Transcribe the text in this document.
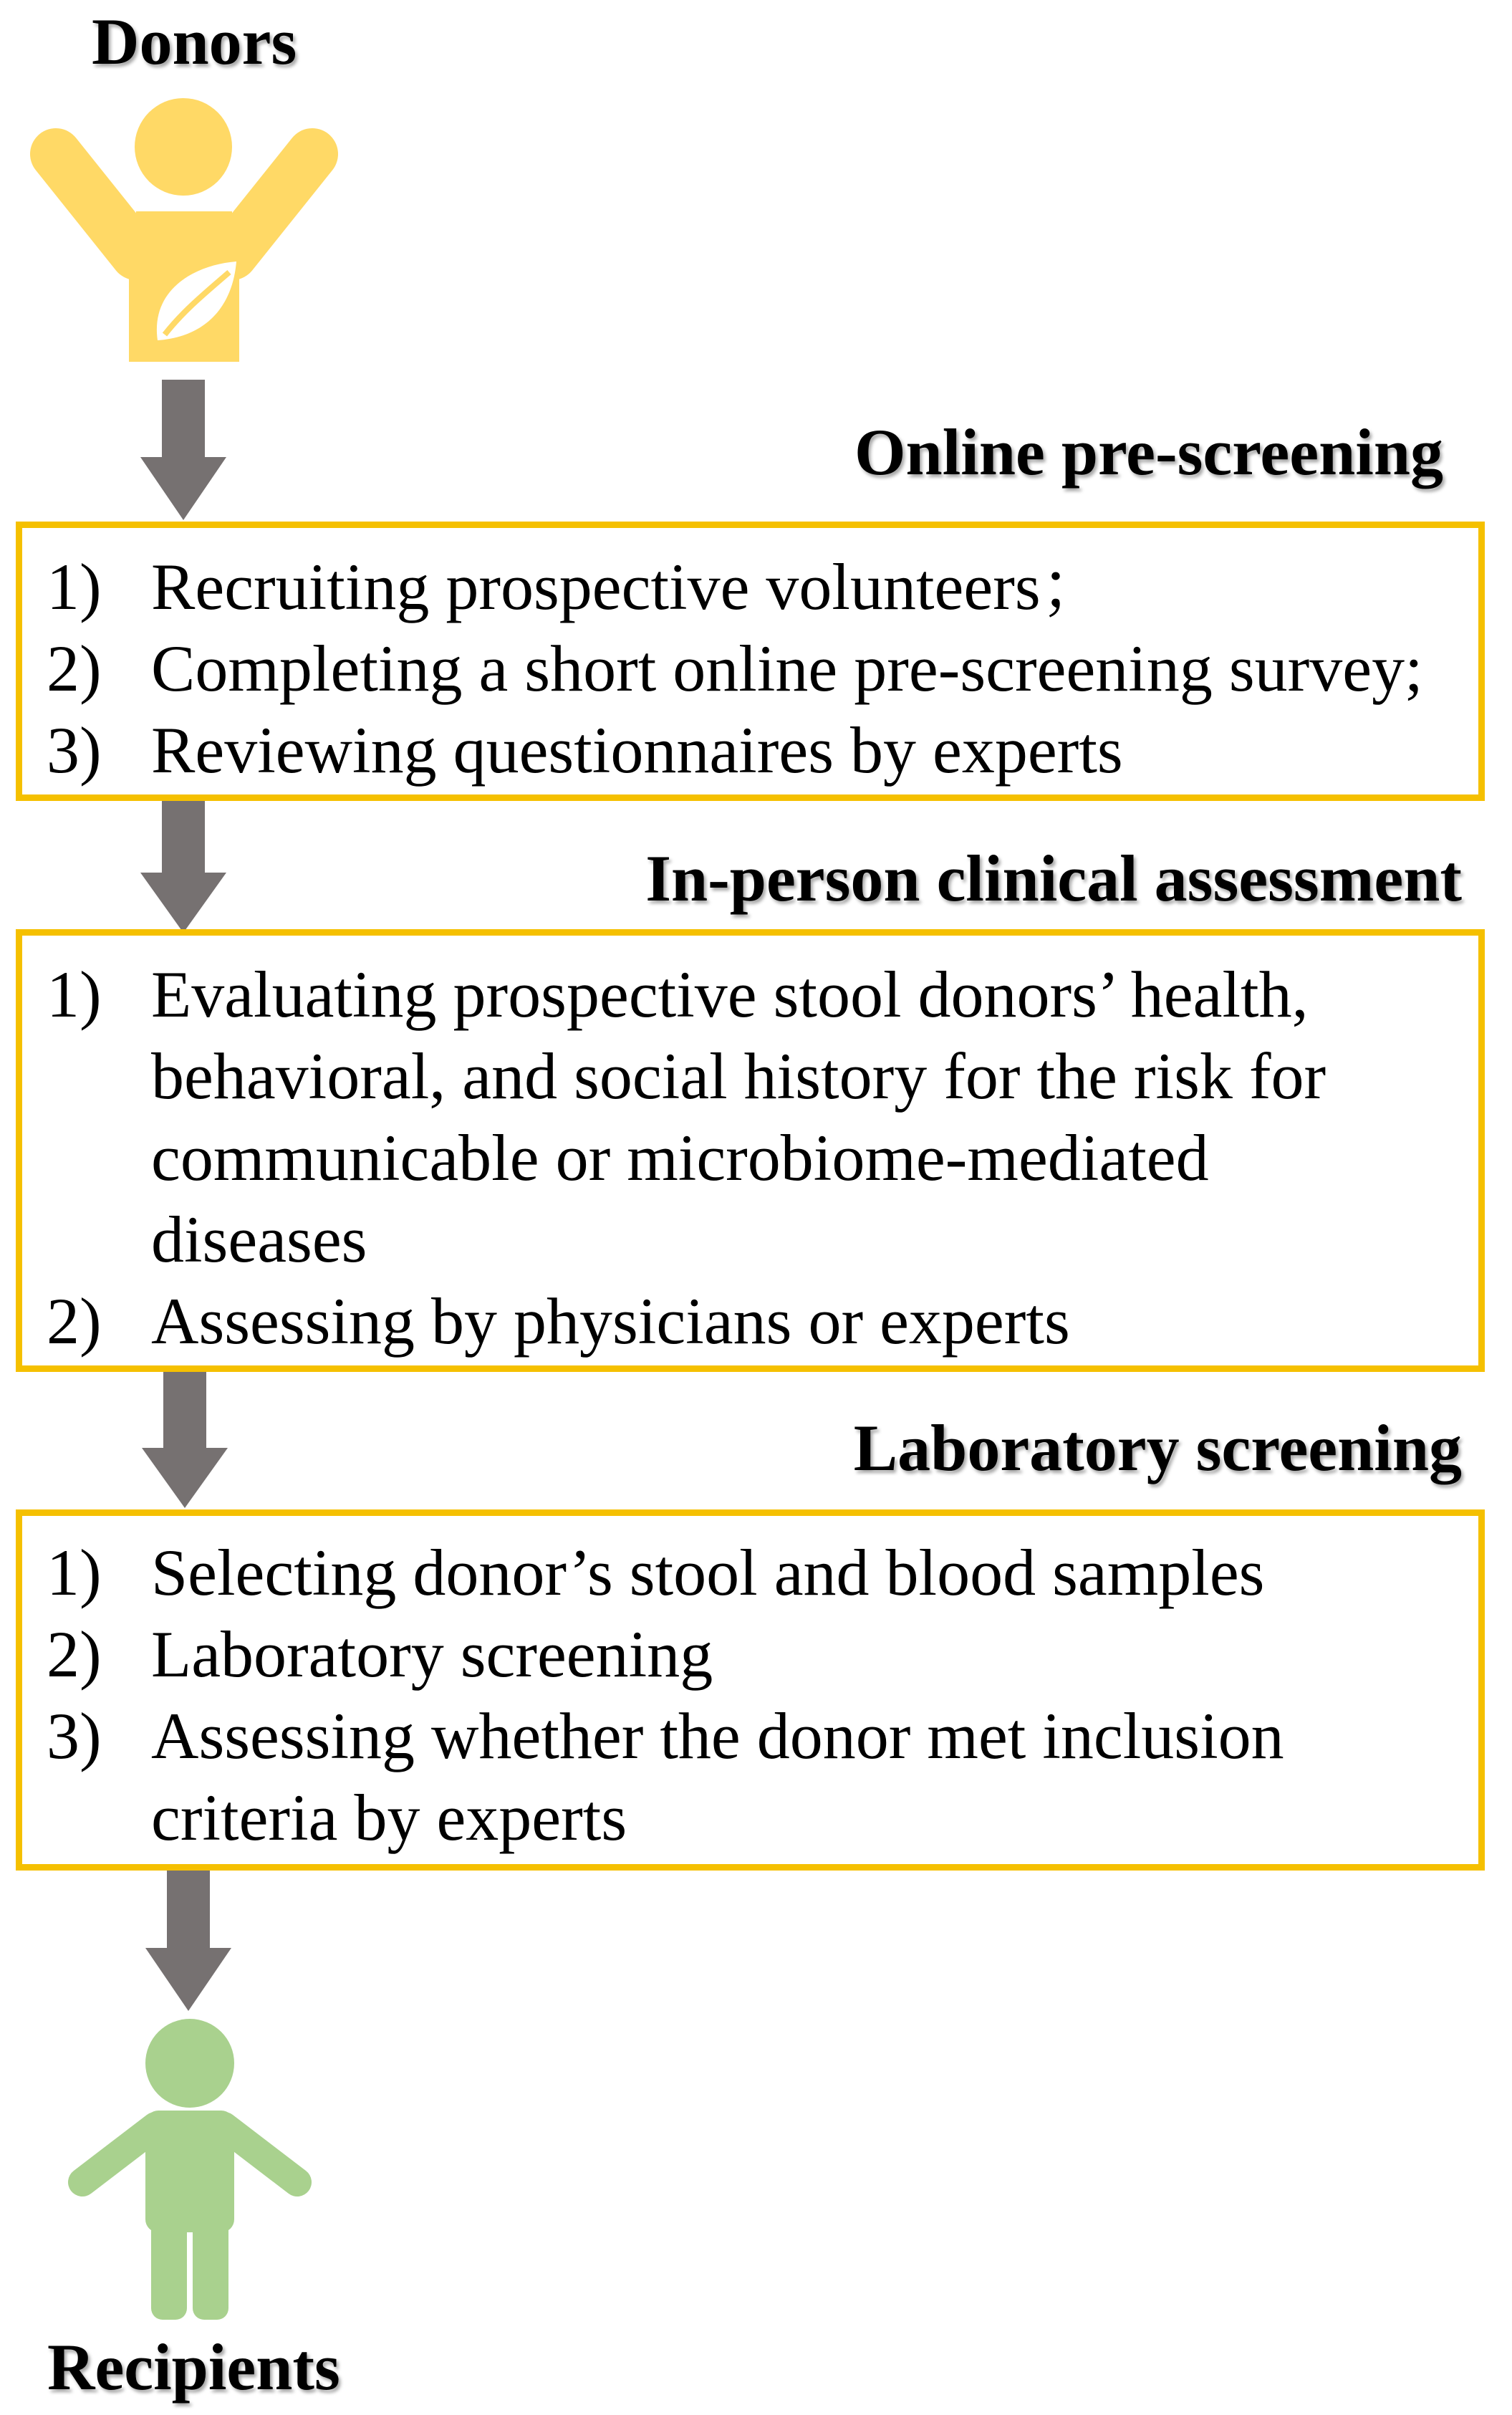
Donors
Online pre-screening
1) Recruiting prospective volunteers；
2) Completing a short online pre-screening survey;
3) Reviewing questionnaires by experts
In-person clinical assessment
1) Evaluating prospective stool donors’ health, behavioral, and social history for the risk for communicable or microbiome-mediated diseases
2) Assessing by physicians or experts
Laboratory screening
1) Selecting donor’s stool and blood samples
2) Laboratory screening
3) Assessing whether the donor met inclusion criteria by experts
Recipients
